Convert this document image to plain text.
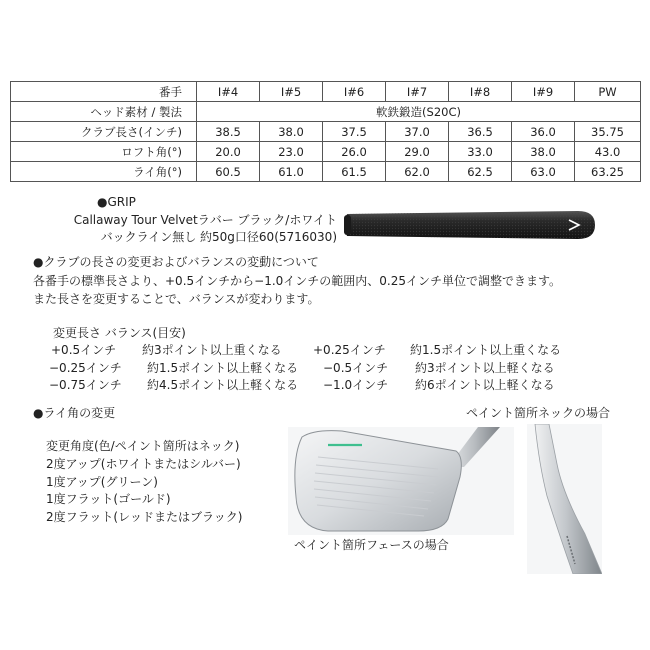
番手	I#4	I#5	I#6	I#7	I#8	I#9	PW
ヘッド素材 / 製法	軟鉄鍛造(S20C)						
クラブ長さ(インチ)	38.5	38.0	37.5	37.0	36.5	36.0	35.75
ロフト角(°)	20.0	23.0	26.0	29.0	33.0	38.0	43.0
ライ角(°)	60.5	61.0	61.5	62.0	62.5	63.0	63.25
●GRIP
Callaway Tour Velvetラバー ブラック/ホワイト
バックライン無し 約50g口径60(5716030)
●クラブの長さの変更およびバランスの変動について
各番手の標準長さより、+0.5インチから−1.0インチの範囲内、0.25インチ単位で調整できます。
また長さを変更することで、バランスが変わります。
変更長さ バランス(目安)
+0.5インチ 約3ポイント以上重くなる	+0.25インチ 約1.5ポイント以上重くなる
−0.25インチ 約1.5ポイント以上軽くなる −0.5インチ 約3ポイント以上軽くなる
−0.75インチ 約4.5ポイント以上軽くなる −1.0インチ 約6ポイント以上軽くなる
●ライ角の変更	ペイント箇所ネックの場合
変更角度(色/ペイント箇所はネック)
2度アップ(ホワイトまたはシルバー)
1度アップ(グリーン)
1度フラット(ゴールド)
2度フラット(レッドまたはブラック)
ペイント箇所フェースの場合
